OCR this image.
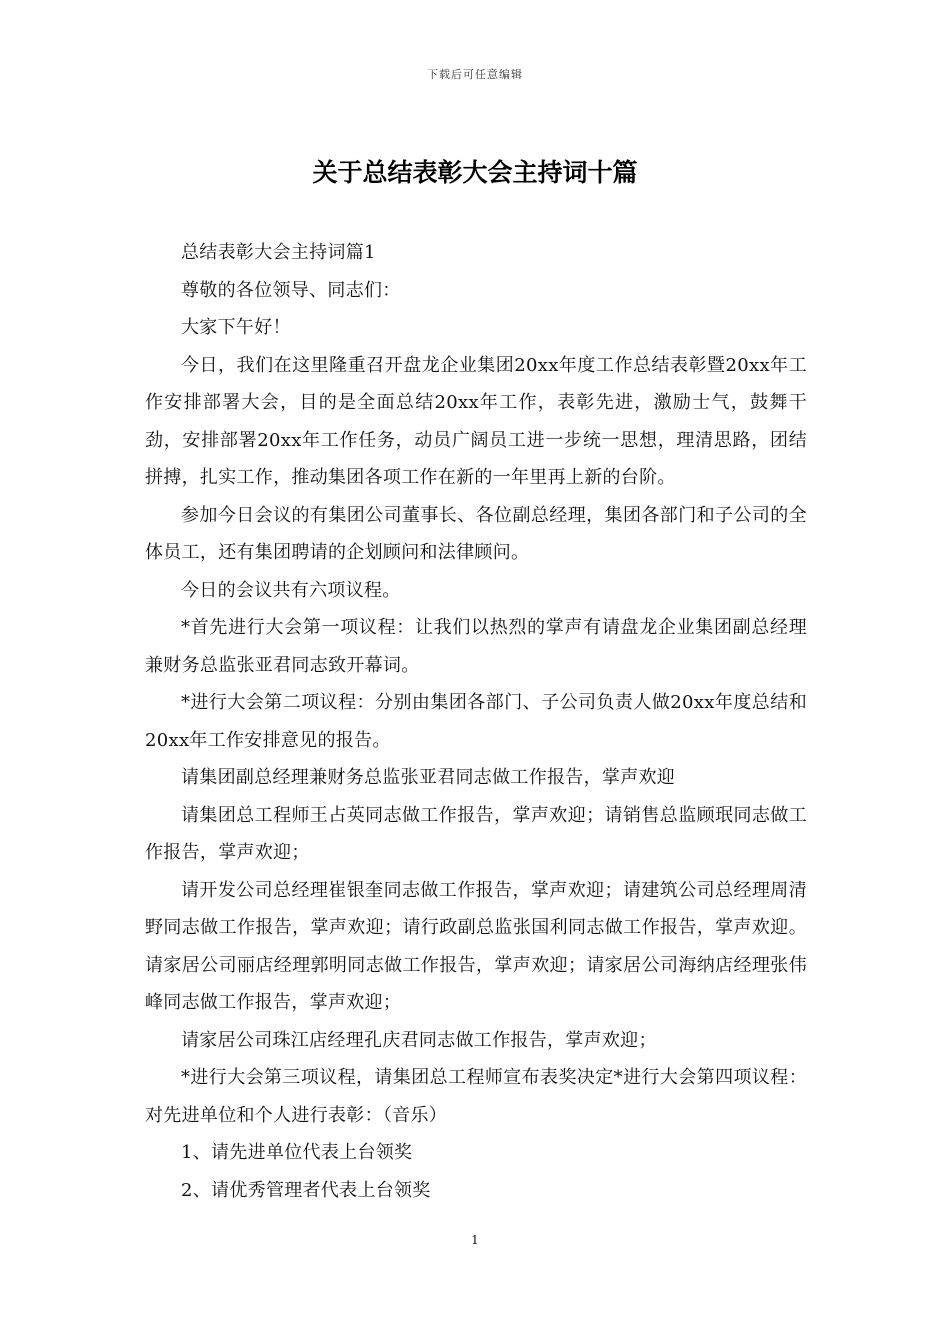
下载后可任意编辑
关于总结表彰大会主持词十篇

总结表彰大会主持词篇1

尊敬的各位领导、同志们：

大家下午好！

今日，我们在这里隆重召开盘龙企业集团20xx年度工作总结表彰暨20xx年工作安排部署大会，目的是全面总结20xx年工作，表彰先进，激励士气，鼓舞干劲，安排部署20xx年工作任务，动员广阔员工进一步统一思想，理清思路，团结拼搏，扎实工作，推动集团各项工作在新的一年里再上新的台阶。

参加今日会议的有集团公司董事长、各位副总经理，集团各部门和子公司的全体员工，还有集团聘请的企划顾问和法律顾问。

今日的会议共有六项议程。

*首先进行大会第一项议程：让我们以热烈的掌声有请盘龙企业集团副总经理兼财务总监张亚君同志致开幕词。

*进行大会第二项议程：分别由集团各部门、子公司负责人做20xx年度总结和20xx年工作安排意见的报告。

请集团副总经理兼财务总监张亚君同志做工作报告，掌声欢迎

请集团总工程师王占英同志做工作报告，掌声欢迎；请销售总监顾珉同志做工作报告，掌声欢迎；

请开发公司总经理崔银奎同志做工作报告，掌声欢迎；请建筑公司总经理周清野同志做工作报告，掌声欢迎；请行政副总监张国利同志做工作报告，掌声欢迎。请家居公司丽店经理郭明同志做工作报告，掌声欢迎；请家居公司海纳店经理张伟峰同志做工作报告，掌声欢迎；

请家居公司珠江店经理孔庆君同志做工作报告，掌声欢迎；

*进行大会第三项议程，请集团总工程师宣布表奖决定*进行大会第四项议程：对先进单位和个人进行表彰：（音乐）

1、请先进单位代表上台领奖

2、请优秀管理者代表上台领奖

1
